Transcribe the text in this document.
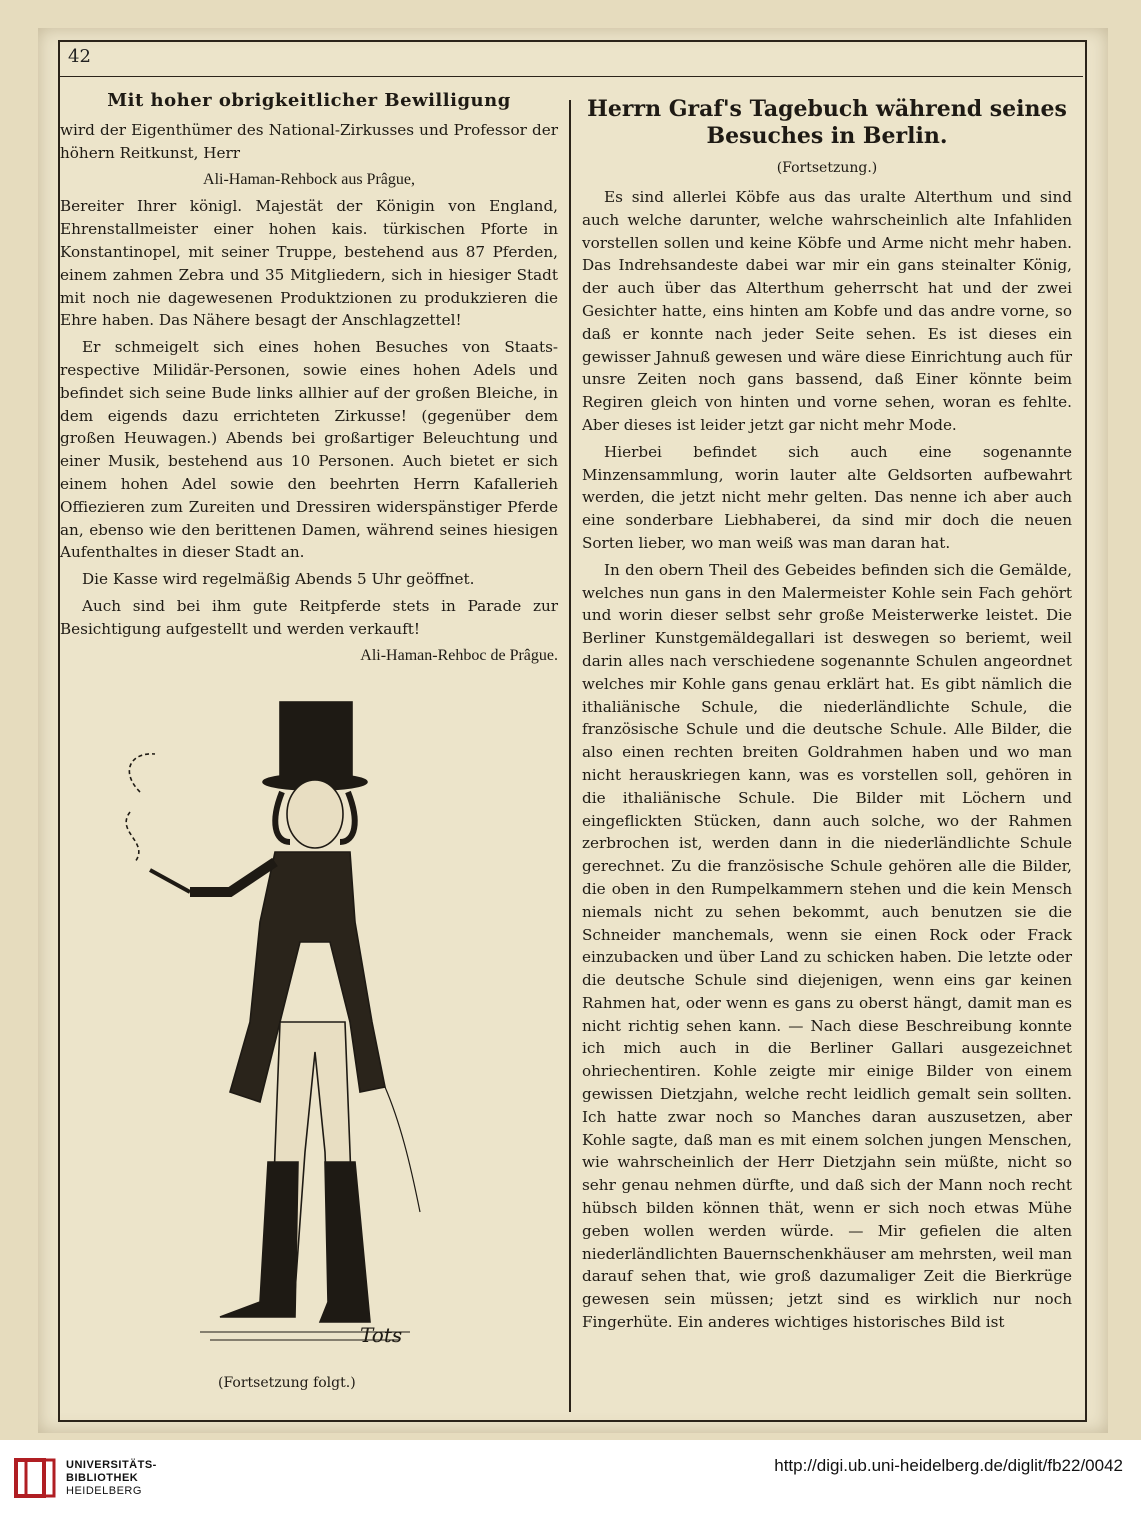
42
Mit hoher obrigkeitlicher Bewilligung

wird der Eigenthümer des National-Zirkusses und Professor der höhern Reitkunst, Herr

Ali-Haman-Rehbock aus Prâgue,

Bereiter Ihrer königl. Majestät der Königin von England, Ehrenstallmeister einer hohen kais. türkischen Pforte in Konstantinopel, mit seiner Truppe, bestehend aus 87 Pferden, einem zahmen Zebra und 35 Mitgliedern, sich in hiesiger Stadt mit noch nie dagewesenen Produktzionen zu produkzieren die Ehre haben. Das Nähere besagt der Anschlagzettel!

Er schmeigelt sich eines hohen Besuches von Staats-respective Milidär-Personen, sowie eines hohen Adels und befindet sich seine Bude links allhier auf der großen Bleiche, in dem eigends dazu errichteten Zirkusse! (gegenüber dem großen Heuwagen.) Abends bei großartiger Beleuchtung und einer Musik, bestehend aus 10 Personen. Auch bietet er sich einem hohen Adel sowie den beehrten Herrn Kafallerieh Offiezieren zum Zureiten und Dressiren widerspänstiger Pferde an, ebenso wie den berittenen Damen, während seines hiesigen Aufenthaltes in dieser Stadt an.

Die Kasse wird regelmäßig Abends 5 Uhr geöffnet.

Auch sind bei ihm gute Reitpferde stets in Parade zur Besichtigung aufgestellt und werden verkauft!

Ali-Haman-Rehboc de Prâgue.

Tots
(Fortsetzung folgt.)
Herrn Graf's Tagebuch während seines Besuches in Berlin.
(Fortsetzung.)

Es sind allerlei Köbfe aus das uralte Alterthum und sind auch welche darunter, welche wahrscheinlich alte Infahliden vorstellen sollen und keine Köbfe und Arme nicht mehr haben. Das Indrehsandeste dabei war mir ein gans steinalter König, der auch über das Alterthum geherrscht hat und der zwei Gesichter hatte, eins hinten am Kobfe und das andre vorne, so daß er konnte nach jeder Seite sehen. Es ist dieses ein gewisser Jahnuß gewesen und wäre diese Einrichtung auch für unsre Zeiten noch gans bassend, daß Einer könnte beim Regiren gleich von hinten und vorne sehen, woran es fehlte. Aber dieses ist leider jetzt gar nicht mehr Mode.

Hierbei befindet sich auch eine sogenannte Minzensammlung, worin lauter alte Geldsorten aufbewahrt werden, die jetzt nicht mehr gelten. Das nenne ich aber auch eine sonderbare Liebhaberei, da sind mir doch die neuen Sorten lieber, wo man weiß was man daran hat.

In den obern Theil des Gebeides befinden sich die Gemälde, welches nun gans in den Malermeister Kohle sein Fach gehört und worin dieser selbst sehr große Meisterwerke leistet. Die Berliner Kunstgemäldegallari ist deswegen so beriemt, weil darin alles nach verschiedene sogenannte Schulen angeordnet welches mir Kohle gans genau erklärt hat. Es gibt nämlich die ithaliänische Schule, die niederländlichte Schule, die französische Schule und die deutsche Schule. Alle Bilder, die also einen rechten breiten Goldrahmen haben und wo man nicht herauskriegen kann, was es vorstellen soll, gehören in die ithaliänische Schule. Die Bilder mit Löchern und eingeflickten Stücken, dann auch solche, wo der Rahmen zerbrochen ist, werden dann in die niederländlichte Schule gerechnet. Zu die französische Schule gehören alle die Bilder, die oben in den Rumpelkammern stehen und die kein Mensch niemals nicht zu sehen bekommt, auch benutzen sie die Schneider manchemals, wenn sie einen Rock oder Frack einzubacken und über Land zu schicken haben. Die letzte oder die deutsche Schule sind diejenigen, wenn eins gar keinen Rahmen hat, oder wenn es gans zu oberst hängt, damit man es nicht richtig sehen kann. — Nach diese Beschreibung konnte ich mich auch in die Berliner Gallari ausgezeichnet ohriechentiren. Kohle zeigte mir einige Bilder von einem gewissen Dietzjahn, welche recht leidlich gemalt sein sollten. Ich hatte zwar noch so Manches daran auszusetzen, aber Kohle sagte, daß man es mit einem solchen jungen Menschen, wie wahrscheinlich der Herr Dietzjahn sein müßte, nicht so sehr genau nehmen dürfte, und daß sich der Mann noch recht hübsch bilden können thät, wenn er sich noch etwas Mühe geben wollen werden würde. — Mir gefielen die alten niederländlichten Bauernschenkhäuser am mehrsten, weil man darauf sehen that, wie groß dazumaliger Zeit die Bierkrüge gewesen sein müssen; jetzt sind es wirklich nur noch Fingerhüte. Ein anderes wichtiges historisches Bild ist

UNIVERSITÄTS-
BIBLIOTHEK
HEIDELBERG
http://digi.ub.uni-heidelberg.de/diglit/fb22/0042
